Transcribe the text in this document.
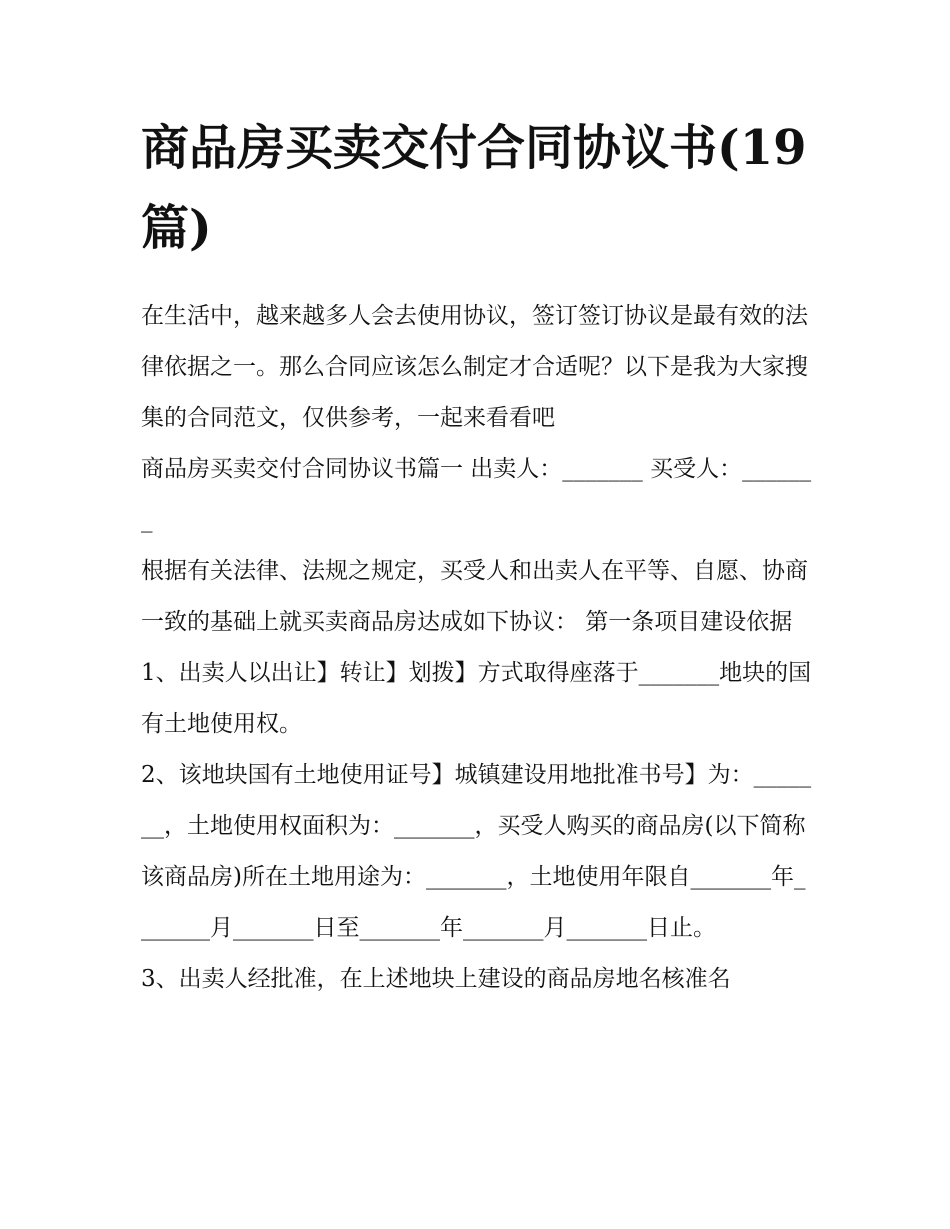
商品房买卖交付合同协议书(19篇)

在生活中，越来越多人会去使用协议，签订签订协议是最有效的法律依据之一。那么合同应该怎么制定才合适呢？以下是我为大家搜集的合同范文，仅供参考，一起来看看吧

商品房买卖交付合同协议书篇一 出卖人：_______ 买受人：_______

根据有关法律、法规之规定，买受人和出卖人在平等、自愿、协商一致的基础上就买卖商品房达成如下协议： 第一条项目建设依据

1、出卖人以出让】转让】划拨】方式取得座落于_______地块的国有土地使用权。

2、该地块国有土地使用证号】城镇建设用地批准书号】为：_______，土地使用权面积为：_______，买受人购买的商品房(以下简称该商品房)所在土地用途为：_______，土地使用年限自_______年_______月_______日至_______年_______月_______日止。

3、出卖人经批准，在上述地块上建设的商品房地名核准名
